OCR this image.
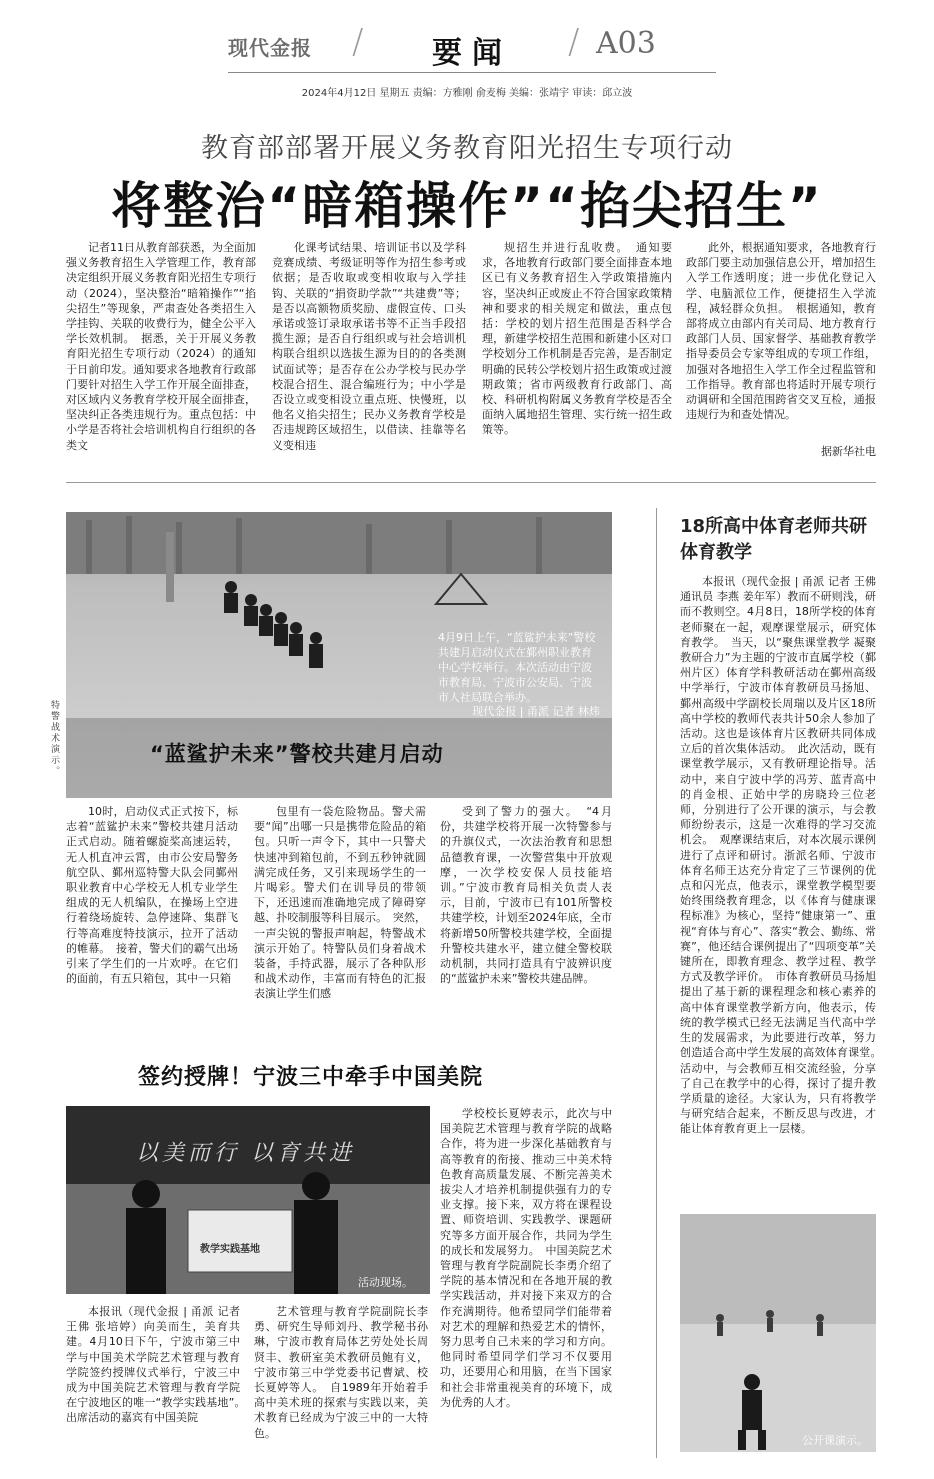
现代金报 / 要闻 / A03
2024年4月12日 星期五 责编：方雅刚 俞麦梅 美编：张靖宇 审读：邱立波
教育部部署开展义务教育阳光招生专项行动
将整治“暗箱操作”“掐尖招生”

记者11日从教育部获悉，为全面加强义务教育招生入学管理工作，教育部决定组织开展义务教育阳光招生专项行动（2024），坚决整治“暗箱操作”“掐尖招生”等现象，严肃查处各类招生入学挂钩、关联的收费行为，健全公平入学长效机制。　据悉，关于开展义务教育阳光招生专项行动（2024）的通知于日前印发。通知要求各地教育行政部门要针对招生入学工作开展全面排查，对区域内义务教育学校开展全面排查，坚决纠正各类违规行为。重点包括：中小学是否将社会培训机构自行组织的各类文

化课考试结果、培训证书以及学科竞赛成绩、考级证明等作为招生参考或依据；是否收取或变相收取与入学挂钩、关联的“捐资助学款”“共建费”等；是否以高额物质奖励、虚假宣传、口头承诺或签订录取承诺书等不正当手段招揽生源；是否自行组织或与社会培训机构联合组织以选拔生源为目的的各类测试面试等；是否存在公办学校与民办学校混合招生、混合编班行为；中小学是否设立或变相设立重点班、快慢班，以他名义掐尖招生；民办义务教育学校是否违规跨区域招生，以借读、挂靠等名义变相违

规招生并进行乱收费。　通知要求，各地教育行政部门要全面排查本地区已有义务教育招生入学政策措施内容，坚决纠正或废止不符合国家政策精神和要求的相关规定和做法，重点包括：学校的划片招生范围是否科学合理，新建学校招生范围和新建小区对口学校划分工作机制是否完善，是否制定明确的民转公学校划片招生政策或过渡期政策；省市两级教育行政部门、高校、科研机构附属义务教育学校是否全面纳入属地招生管理、实行统一招生政策等。

此外，根据通知要求，各地教育行政部门要主动加强信息公开，增加招生入学工作透明度；进一步优化登记入学、电脑派位工作，便捷招生入学流程，减轻群众负担。　根据通知，教育部将成立由部内有关司局、地方教育行政部门人员、国家督学、基础教育教学指导委员会专家等组成的专项工作组，加强对各地招生入学工作全过程监管和工作指导。教育部也将适时开展专项行动调研和全国范围跨省交叉互检，通报违规行为和查处情况。

据新华社电
4月9日上午，“蓝鲨护未来”警校共建月启动仪式在鄞州职业教育中心学校举行。本次活动由宁波市教育局、宁波市公安局、宁波市人社局联合举办。
现代金报 | 甬派 记者 林炜
“蓝鲨护未来”警校共建月启动
特警战术演示。

10时，启动仪式正式按下，标志着“蓝鲨护未来”警校共建月活动正式启动。随着螺旋桨高速运转，无人机直冲云霄，由市公安局警务航空队、鄞州巡特警大队会同鄞州职业教育中心学校无人机专业学生组成的无人机编队，在操场上空进行着绕场旋转、急停速降、集群飞行等高难度特技演示，拉开了活动的帷幕。　接着，警犬们的霸气出场引来了学生们的一片欢呼。在它们的面前，有五只箱包，其中一只箱

包里有一袋危险物品。警犬需要“闻”出哪一只是携带危险品的箱包。只听一声令下，其中一只警犬快速冲到箱包前，不到五秒钟就圆满完成任务，又引来现场学生的一片喝彩。警犬们在训导员的带领下，还迅速而准确地完成了障碍穿越、扑咬制服等科目展示。　突然，一声尖锐的警报声响起，特警战术演示开始了。特警队员们身着战术装备，手持武器，展示了各种队形和战术动作，丰富而有特色的汇报表演让学生们感

受到了警力的强大。　“4月份，共建学校将开展一次特警参与的升旗仪式，一次法治教育和思想品德教育课，一次警营集中开放观摩，一次学校安保人员技能培训。”宁波市教育局相关负责人表示，目前，宁波市已有101所警校共建学校，计划至2024年底，全市将新增50所警校共建学校，全面提升警校共建水平，建立健全警校联动机制，共同打造具有宁波辨识度的“蓝鲨护未来”警校共建品牌。

签约授牌！宁波三中牵手中国美院
以美而行 以育共进
教学实践基地
活动现场。

本报讯（现代金报 | 甬派 记者 王佛 张培婷）向美而生，美育共建。4月10日下午，宁波市第三中学与中国美术学院艺术管理与教育学院签约授牌仪式举行，宁波三中成为中国美院艺术管理与教育学院在宁波地区的唯一“教学实践基地”。　出席活动的嘉宾有中国美院

艺术管理与教育学院副院长李勇、研究生导师刘丹、教学秘书孙琳，宁波市教育局体艺劳处处长周贤丰、教研室美术教研员鲍有义，宁波市第三中学党委书记曹斌、校长夏婷等人。　自1989年开始着手高中美术班的探索与实践以来，美术教育已经成为宁波三中的一大特色。

学校校长夏婷表示，此次与中国美院艺术管理与教育学院的战略合作，将为进一步深化基础教育与高等教育的衔接、推动三中美术特色教育高质量发展、不断完善美术拔尖人才培养机制提供强有力的专业支撑。接下来，双方将在课程设置、师资培训、实践教学、课题研究等多方面开展合作，共同为学生的成长和发展努力。　中国美院艺术管理与教育学院副院长李勇介绍了学院的基本情况和在各地开展的教学实践活动，并对接下来双方的合作充满期待。他希望同学们能带着对艺术的理解和热爱艺术的情怀，努力思考自己未来的学习和方向。他同时希望同学们学习不仅要用功，还要用心和用脑，在当下国家和社会非常重视美育的环境下，成为优秀的人才。

18所高中体育老师共研体育教学

本报讯（现代金报 | 甬派 记者 王佛 通讯员 李燕 姜年军）教而不研则浅，研而不教则空。4月8日，18所学校的体育老师聚在一起，观摩课堂展示，研究体育教学。　当天，以“聚焦课堂教学 凝聚教研合力”为主题的宁波市直属学校（鄞州片区）体育学科教研活动在鄞州高级中学举行，宁波市体育教研员马扬旭、鄞州高级中学副校长周瑞以及片区18所高中学校的教师代表共计50余人参加了活动。这也是该体育片区教研共同体成立后的首次集体活动。　此次活动，既有课堂教学展示，又有教研理论指导。活动中，来自宁波中学的冯芳、蓝青高中的肖金根、正始中学的房晓玲三位老师，分别进行了公开课的演示，与会教师纷纷表示，这是一次难得的学习交流机会。　观摩课结束后，对本次展示课例进行了点评和研讨。浙派名师、宁波市体育名师王达充分肯定了三节课例的优点和闪光点，他表示，课堂教学模型要始终围绕教育理念，以《体育与健康课程标准》为核心，坚持“健康第一”、重视“育体与育心”、落实“教会、勤练、常赛”，他还结合课例提出了“四项变革”关键所在，即教育理念、教学过程、教学方式及教学评价。　市体育教研员马扬旭提出了基于新的课程理念和核心素养的高中体育课堂教学新方向，他表示，传统的教学模式已经无法满足当代高中学生的发展需求，为此要进行改革，努力创造适合高中学生发展的高效体育课堂。　活动中，与会教师互相交流经验，分享了自己在教学中的心得，探讨了提升教学质量的途径。大家认为，只有将教学与研究结合起来，不断反思与改进，才能让体育教育更上一层楼。

公开课演示。
